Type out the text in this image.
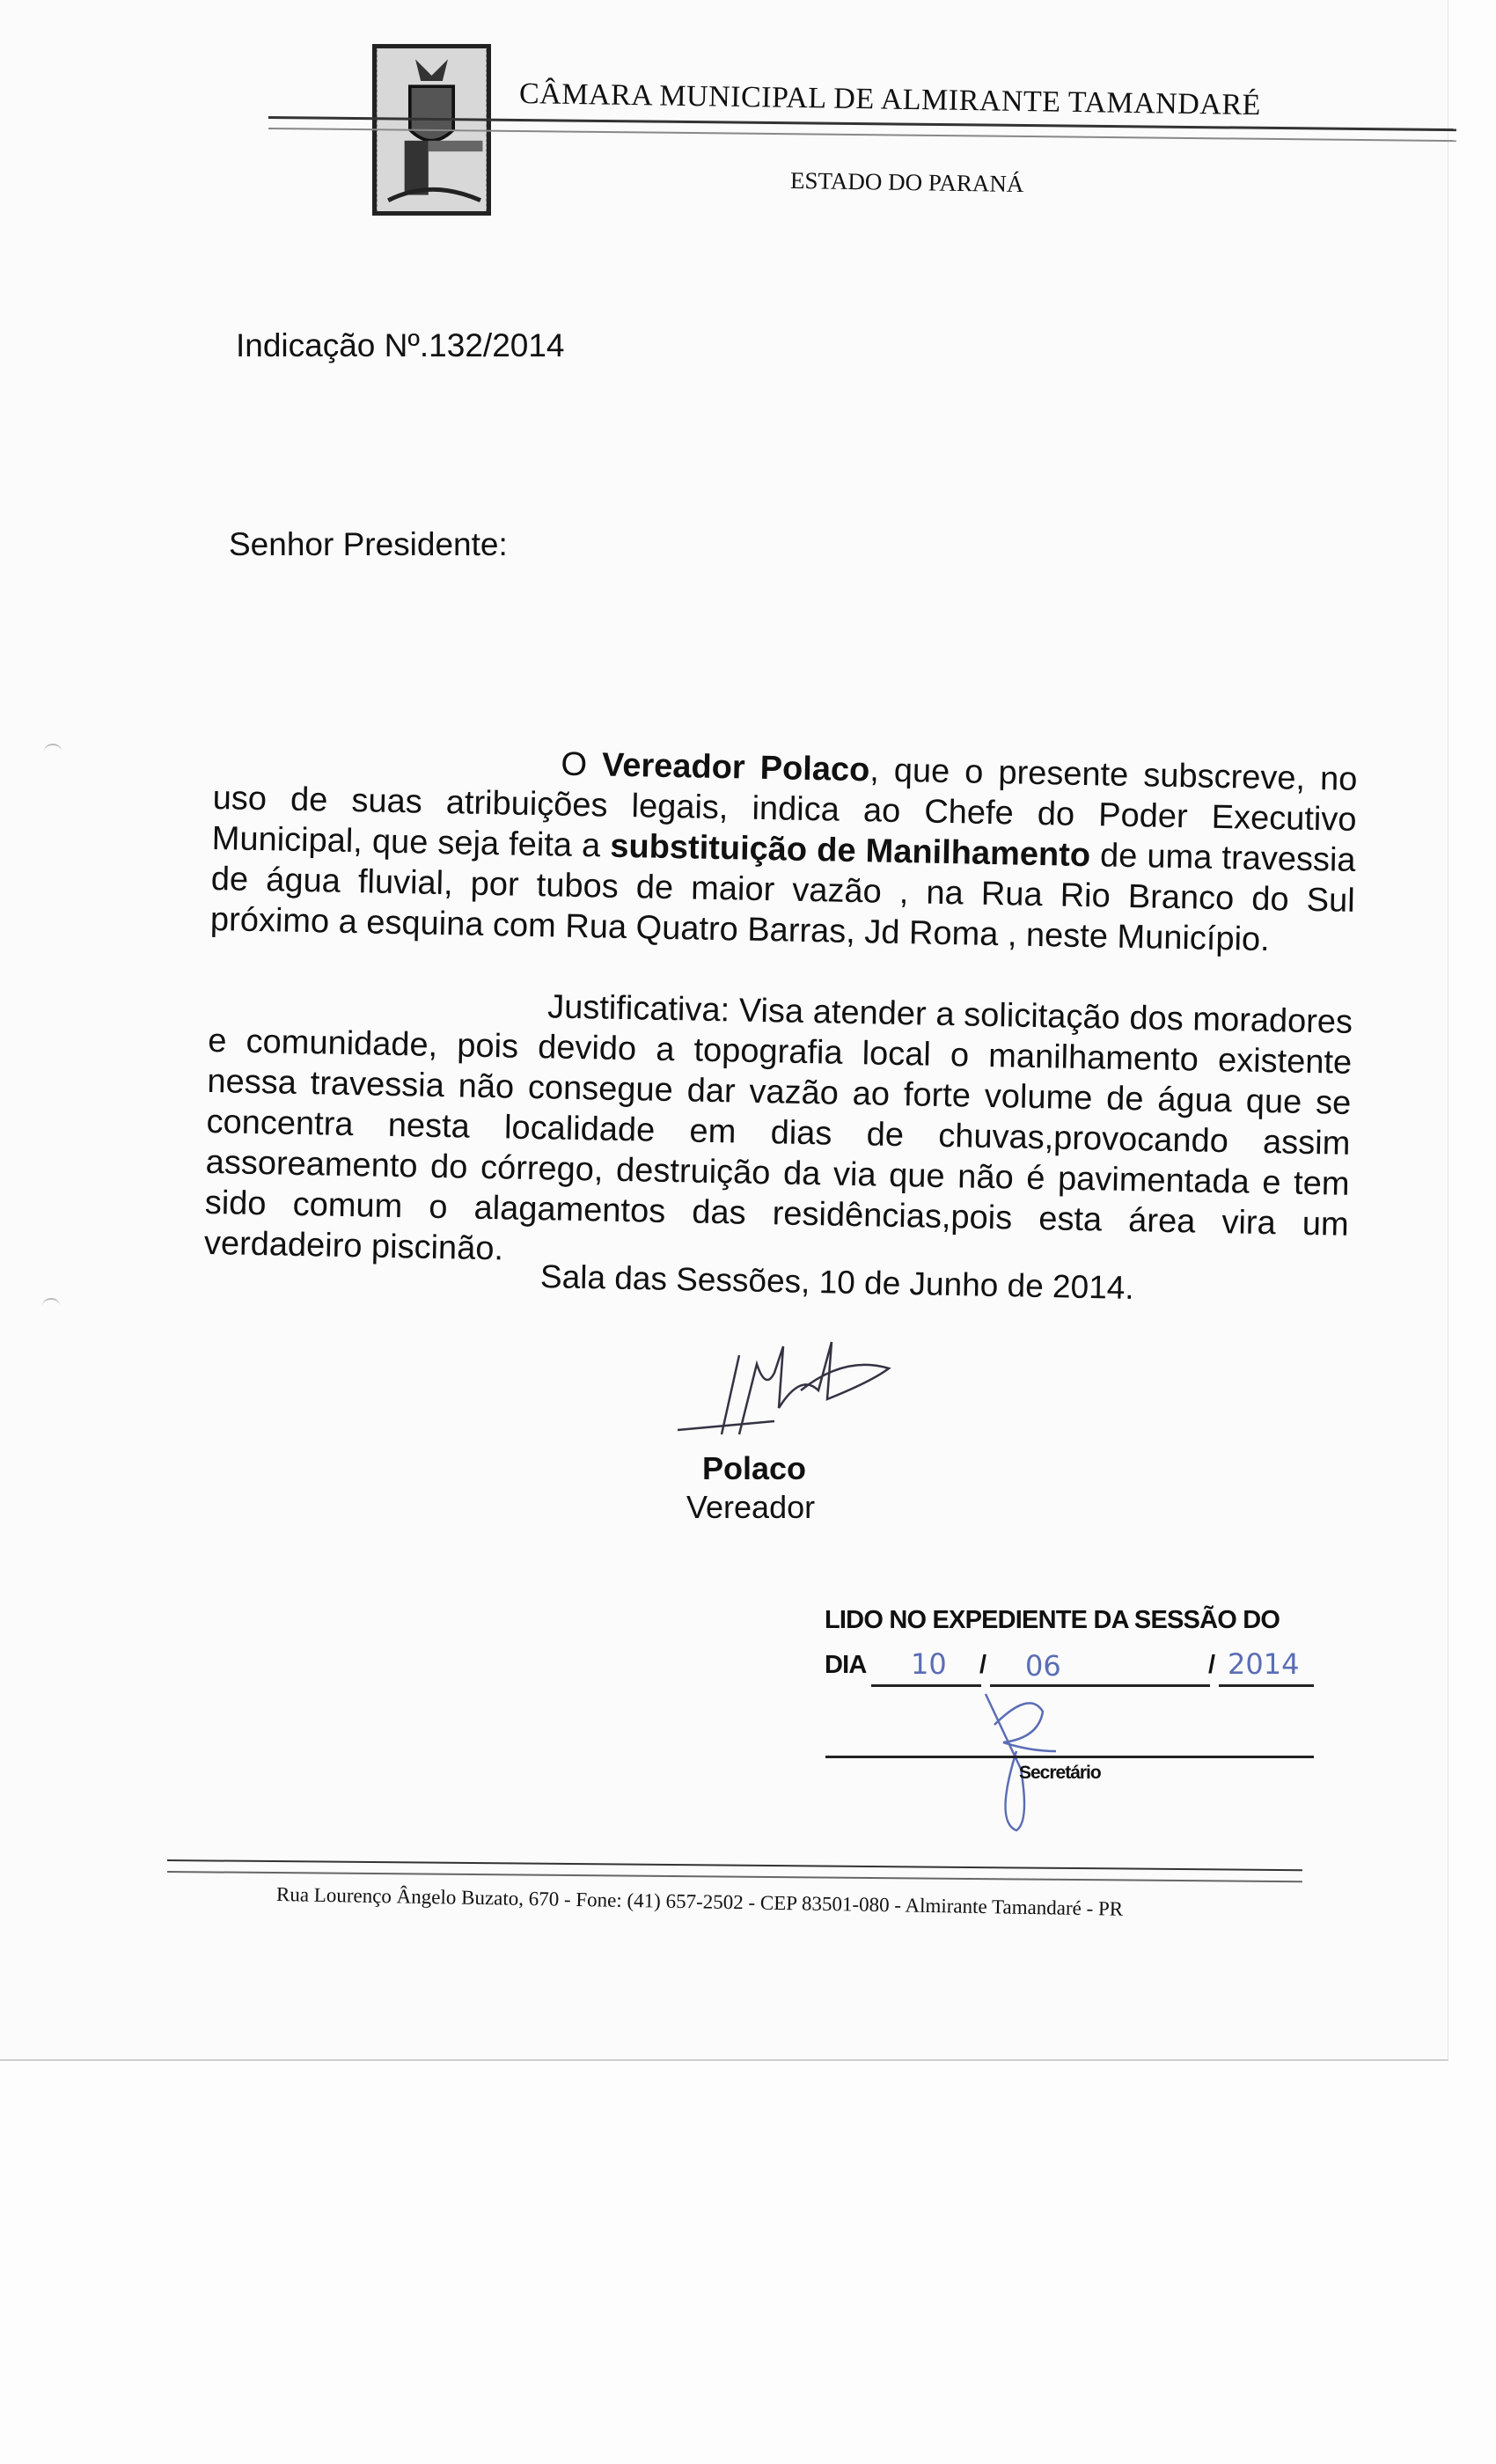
CÂMARA MUNICIPAL DE ALMIRANTE TAMANDARÉ
ESTADO DO PARANÁ
Indicação Nº.132/2014
Senhor Presidente:

O Vereador Polaco, que o presente subscreve, no uso de suas atribuições legais, indica ao Chefe do Poder Executivo Municipal, que seja feita a substituição de Manilhamento de uma travessia de água fluvial, por tubos de maior vazão , na Rua Rio Branco do Sul próximo a esquina com Rua Quatro Barras, Jd Roma , neste Município.

Justificativa: Visa atender a solicitação dos moradores e comunidade, pois devido a topografia local o manilhamento existente nessa travessia não consegue dar vazão ao forte volume de água que se concentra nesta localidade em dias de chuvas,provocando assim assoreamento do córrego, destruição da via que não é pavimentada e tem sido comum o alagamentos das residências,pois esta área vira um verdadeiro piscinão.

Sala das Sessões, 10 de Junho de 2014.
Polaco
Vereador
LIDO NO EXPEDIENTE DA SESSÃO DO
DIA	/	/
10	06	2014
Secretário
Rua Lourenço Ângelo Buzato, 670 - Fone: (41) 657-2502 - CEP 83501-080 - Almirante Tamandaré - PR
